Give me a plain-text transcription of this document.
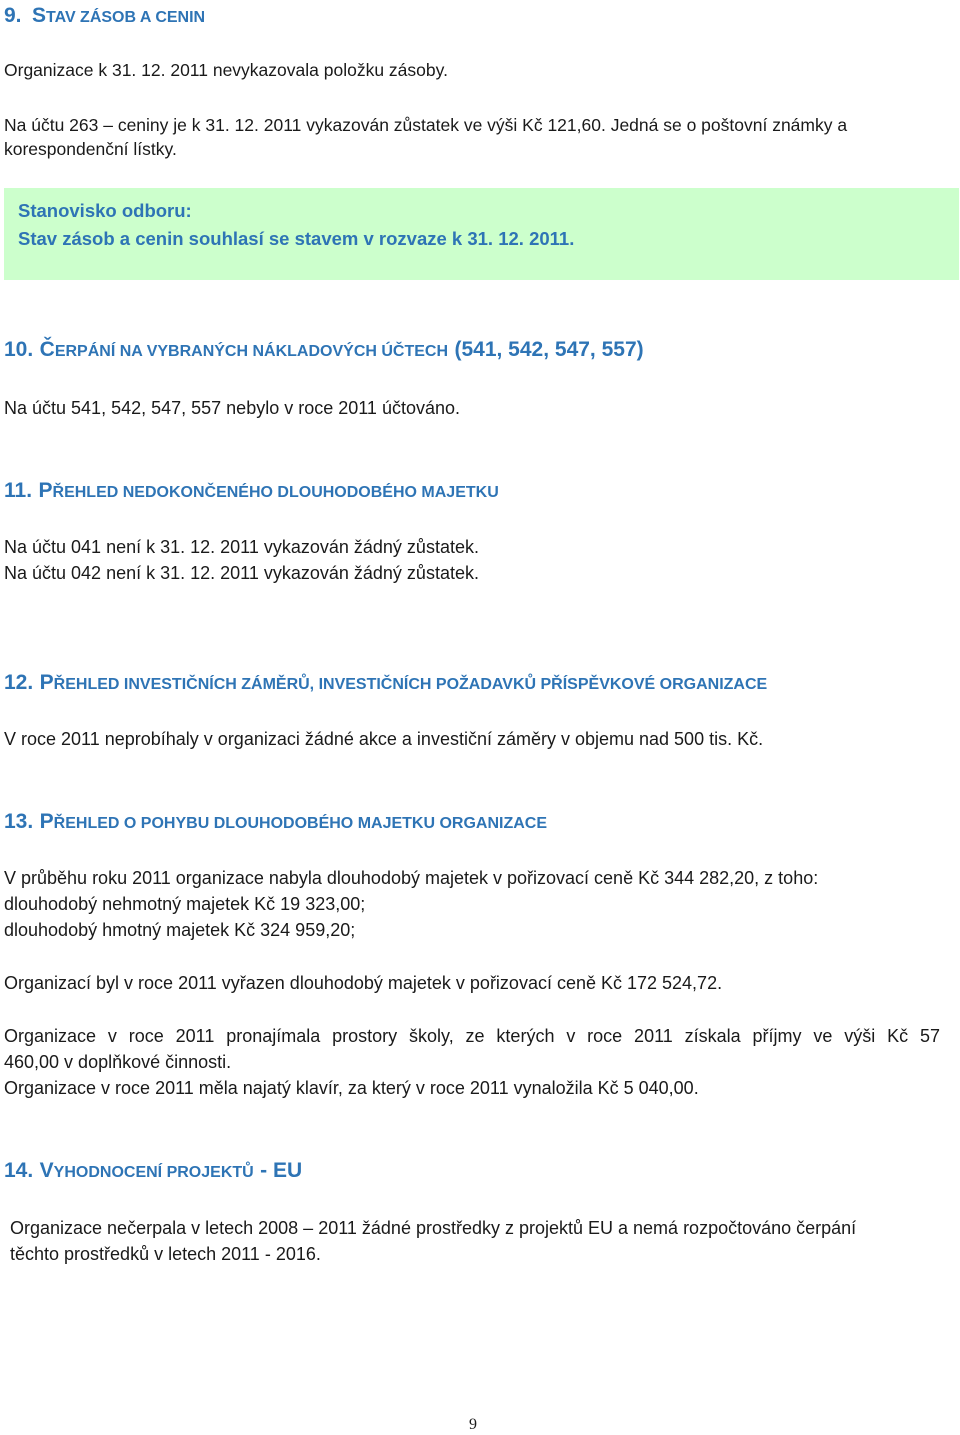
9. STAV ZÁSOB A CENIN
Organizace k 31. 12. 2011 nevykazovala položku zásoby.
Na účtu 263 – ceniny je k 31. 12. 2011 vykazován zůstatek ve výši Kč 121,60. Jedná se o poštovní známky a
korespondenční lístky.
Stanovisko odboru:
Stav zásob a cenin souhlasí se stavem v rozvaze k 31. 12. 2011.
10. ČERPÁNÍ NA VYBRANÝCH NÁKLADOVÝCH ÚČTECH (541, 542, 547, 557)
Na účtu 541, 542, 547, 557 nebylo v roce 2011 účtováno.
11. PŘEHLED NEDOKONČENÉHO DLOUHODOBÉHO MAJETKU
Na účtu 041 není k 31. 12. 2011 vykazován žádný zůstatek.
Na účtu 042 není k 31. 12. 2011 vykazován žádný zůstatek.
12. PŘEHLED INVESTIČNÍCH ZÁMĚRŮ, INVESTIČNÍCH POŽADAVKŮ PŘÍSPĚVKOVÉ ORGANIZACE
V roce 2011 neprobíhaly v organizaci žádné akce a investiční záměry v objemu nad 500 tis. Kč.
13. PŘEHLED O POHYBU DLOUHODOBÉHO MAJETKU ORGANIZACE
V průběhu roku 2011 organizace nabyla dlouhodobý majetek v pořizovací ceně Kč 344 282,20, z toho:
dlouhodobý nehmotný majetek Kč 19 323,00;
dlouhodobý hmotný majetek Kč 324 959,20;
Organizací byl v roce 2011 vyřazen dlouhodobý majetek v pořizovací ceně Kč 172 524,72.
Organizace v roce 2011 pronajímala prostory školy, ze kterých v roce 2011 získala příjmy ve výši Kč 57
460,00 v doplňkové činnosti.
Organizace v roce 2011 měla najatý klavír, za který v roce 2011 vynaložila Kč 5 040,00.
14. VYHODNOCENÍ PROJEKTŮ - EU
Organizace nečerpala v letech 2008 – 2011 žádné prostředky z projektů EU a nemá rozpočtováno čerpání
těchto prostředků v letech 2011 - 2016.
9
